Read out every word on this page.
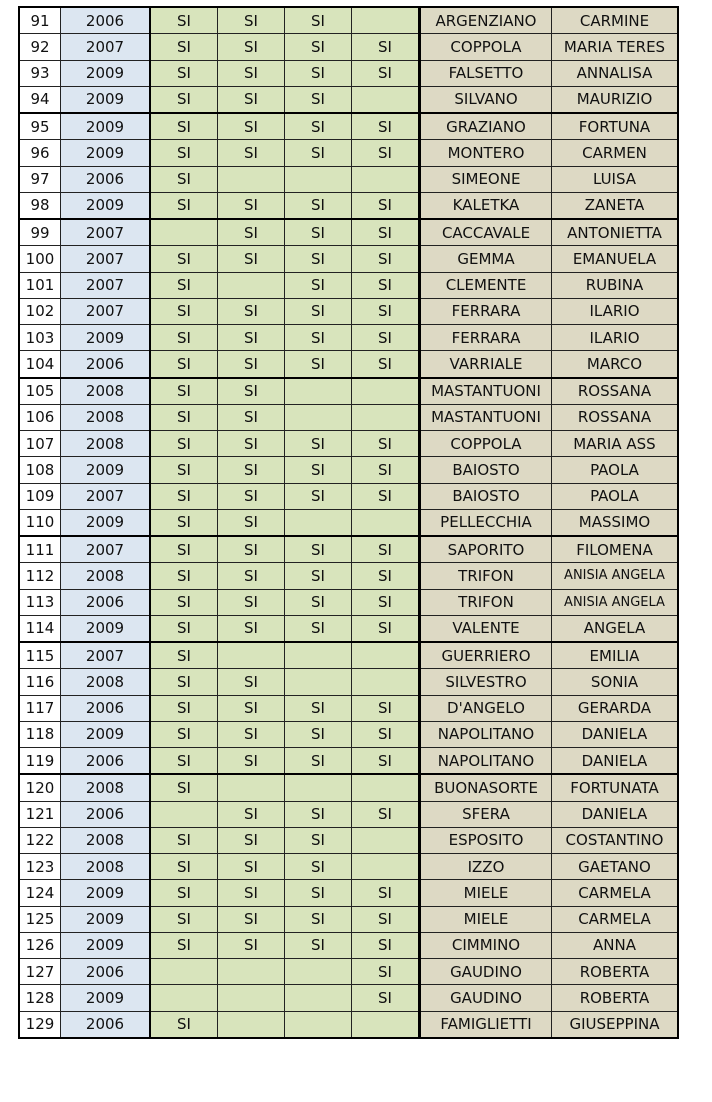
91	2006	SI	SI	SI		ARGENZIANO	CARMINE
92	2007	SI	SI	SI	SI	COPPOLA	MARIA TERES
93	2009	SI	SI	SI	SI	FALSETTO	ANNALISA
94	2009	SI	SI	SI		SILVANO	MAURIZIO
95	2009	SI	SI	SI	SI	GRAZIANO	FORTUNA
96	2009	SI	SI	SI	SI	MONTERO	CARMEN
97	2006	SI				SIMEONE	LUISA
98	2009	SI	SI	SI	SI	KALETKA	ZANETA
99	2007		SI	SI	SI	CACCAVALE	ANTONIETTA
100	2007	SI	SI	SI	SI	GEMMA	EMANUELA
101	2007	SI		SI	SI	CLEMENTE	RUBINA
102	2007	SI	SI	SI	SI	FERRARA	ILARIO
103	2009	SI	SI	SI	SI	FERRARA	ILARIO
104	2006	SI	SI	SI	SI	VARRIALE	MARCO
105	2008	SI	SI			MASTANTUONI	ROSSANA
106	2008	SI	SI			MASTANTUONI	ROSSANA
107	2008	SI	SI	SI	SI	COPPOLA	MARIA ASS
108	2009	SI	SI	SI	SI	BAIOSTO	PAOLA
109	2007	SI	SI	SI	SI	BAIOSTO	PAOLA
110	2009	SI	SI			PELLECCHIA	MASSIMO
111	2007	SI	SI	SI	SI	SAPORITO	FILOMENA
112	2008	SI	SI	SI	SI	TRIFON	ANISIA ANGELA
113	2006	SI	SI	SI	SI	TRIFON	ANISIA ANGELA
114	2009	SI	SI	SI	SI	VALENTE	ANGELA
115	2007	SI				GUERRIERO	EMILIA
116	2008	SI	SI			SILVESTRO	SONIA
117	2006	SI	SI	SI	SI	D'ANGELO	GERARDA
118	2009	SI	SI	SI	SI	NAPOLITANO	DANIELA
119	2006	SI	SI	SI	SI	NAPOLITANO	DANIELA
120	2008	SI				BUONASORTE	FORTUNATA
121	2006		SI	SI	SI	SFERA	DANIELA
122	2008	SI	SI	SI		ESPOSITO	COSTANTINO
123	2008	SI	SI	SI		IZZO	GAETANO
124	2009	SI	SI	SI	SI	MIELE	CARMELA
125	2009	SI	SI	SI	SI	MIELE	CARMELA
126	2009	SI	SI	SI	SI	CIMMINO	ANNA
127	2006				SI	GAUDINO	ROBERTA
128	2009				SI	GAUDINO	ROBERTA
129	2006	SI				FAMIGLIETTI	GIUSEPPINA
